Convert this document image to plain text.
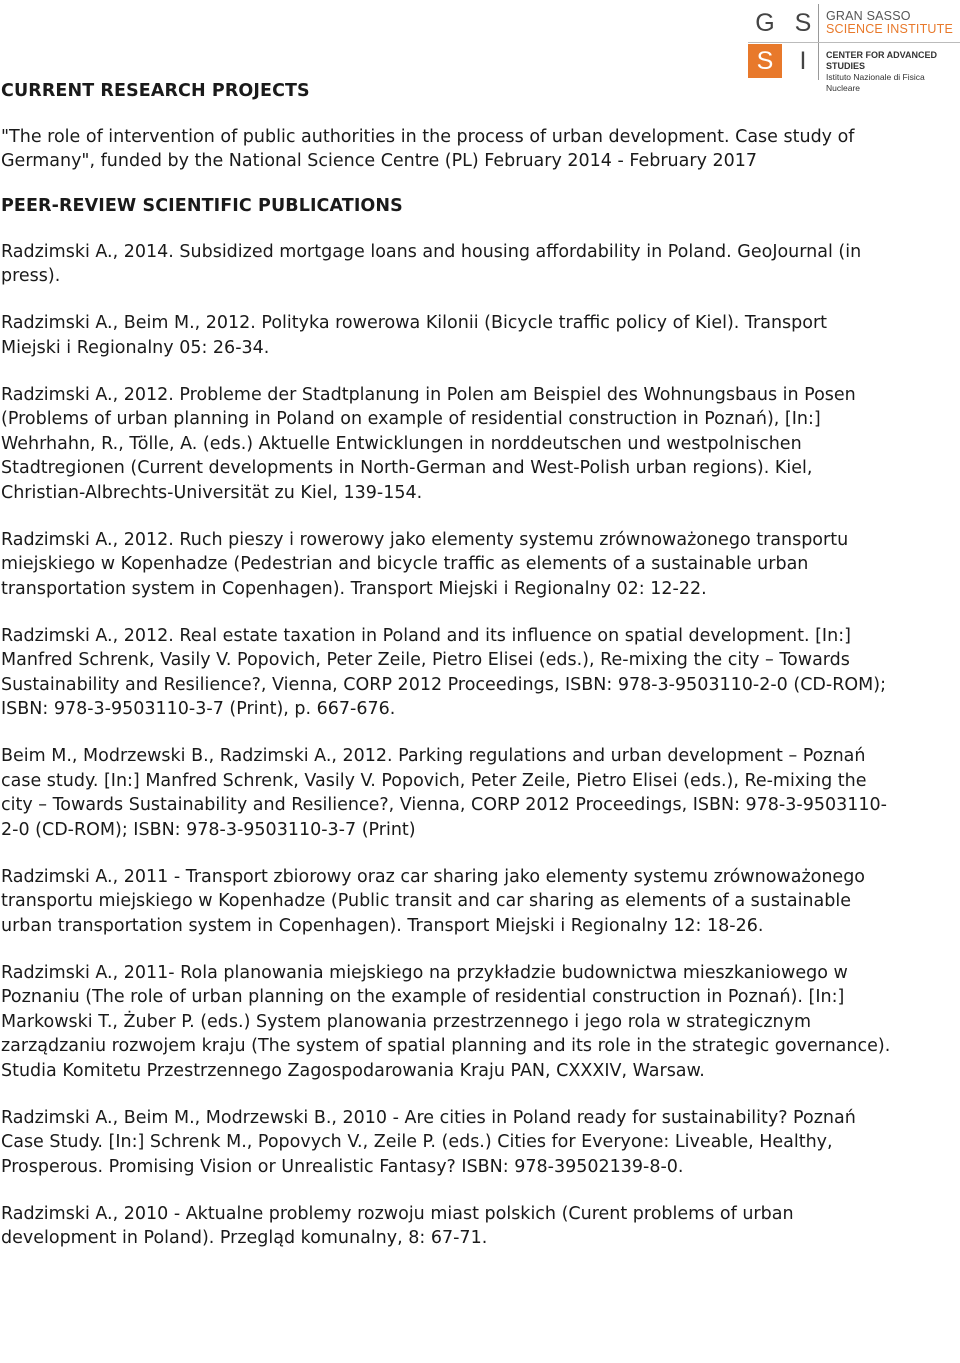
G S
S	I
GRAN SASSO
SCIENCE INSTITUTE
CENTER FOR ADVANCED STUDIES
Istituto Nazionale di Fisica Nucleare
CURRENT RESEARCH PROJECTS

"The role of intervention of public authorities in the process of urban development. Case study of Germany", funded by the National Science Centre (PL) February 2014 - February 2017

PEER-REVIEW SCIENTIFIC PUBLICATIONS

Radzimski A., 2014. Subsidized mortgage loans and housing affordability in Poland. GeoJournal (in press).

Radzimski A., Beim M., 2012. Polityka rowerowa Kilonii (Bicycle traffic policy of Kiel). Transport Miejski i Regionalny 05: 26-34.

Radzimski A., 2012. Probleme der Stadtplanung in Polen am Beispiel des Wohnungsbaus in Posen (Problems of urban planning in Poland on example of residential construction in Poznań), [In:] Wehrhahn, R., Tölle, A. (eds.) Aktuelle Entwicklungen in norddeutschen und westpolnischen Stadtregionen (Current developments in North-German and West-Polish urban regions). Kiel, Christian-Albrechts-Universität zu Kiel, 139-154.

Radzimski A., 2012. Ruch pieszy i rowerowy jako elementy systemu zrównoważonego transportu miejskiego w Kopenhadze (Pedestrian and bicycle traffic as elements of a sustainable urban transportation system in Copenhagen). Transport Miejski i Regionalny 02: 12-22.

Radzimski A., 2012. Real estate taxation in Poland and its influence on spatial development. [In:] Manfred Schrenk, Vasily V. Popovich, Peter Zeile, Pietro Elisei (eds.), Re-mixing the city – Towards Sustainability and Resilience?, Vienna, CORP 2012 Proceedings, ISBN: 978-3-9503110-2-0 (CD-ROM); ISBN: 978-3-9503110-3-7 (Print), p. 667-676.

Beim M., Modrzewski B., Radzimski A., 2012. Parking regulations and urban development – Poznań case study. [In:] Manfred Schrenk, Vasily V. Popovich, Peter Zeile, Pietro Elisei (eds.), Re-mixing the city – Towards Sustainability and Resilience?, Vienna, CORP 2012 Proceedings, ISBN: 978-3-9503110-2-0 (CD-ROM); ISBN: 978-3-9503110-3-7 (Print)

Radzimski A., 2011 - Transport zbiorowy oraz car sharing jako elementy systemu zrównoważonego transportu miejskiego w Kopenhadze (Public transit and car sharing as elements of a sustainable urban transportation system in Copenhagen). Transport Miejski i Regionalny 12: 18-26.

Radzimski A., 2011- Rola planowania miejskiego na przykładzie budownictwa mieszkaniowego w Poznaniu (The role of urban planning on the example of residential construction in Poznań). [In:] Markowski T., Żuber P. (eds.) System planowania przestrzennego i jego rola w strategicznym zarządzaniu rozwojem kraju (The system of spatial planning and its role in the strategic governance). Studia Komitetu Przestrzennego Zagospodarowania Kraju PAN, CXXXIV, Warsaw.

Radzimski A., Beim M., Modrzewski B., 2010 - Are cities in Poland ready for sustainability? Poznań Case Study. [In:] Schrenk M., Popovych V., Zeile P. (eds.) Cities for Everyone: Liveable, Healthy, Prosperous. Promising Vision or Unrealistic Fantasy? ISBN: 978-39502139-8-0.

Radzimski A., 2010 - Aktualne problemy rozwoju miast polskich (Curent problems of urban development in Poland). Przegląd komunalny, 8: 67-71.
